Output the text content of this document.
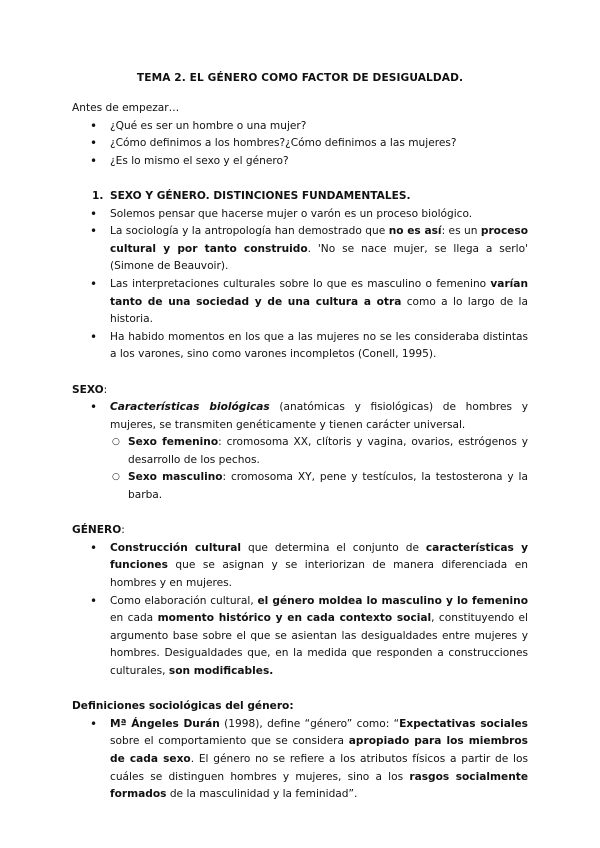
TEMA 2. EL GÉNERO COMO FACTOR DE DESIGUALDAD.

Antes de empezar…

• ¿Qué es ser un hombre o una mujer?
• ¿Cómo definimos a los hombres?¿Cómo definimos a las mujeres?
• ¿Es lo mismo el sexo y el género?
1. SEXO Y GÉNERO. DISTINCIONES FUNDAMENTALES.
• Solemos pensar que hacerse mujer o varón es un proceso biológico.
• La sociología y la antropología han demostrado que no es así: es un proceso cultural y por tanto construido. 'No se nace mujer, se llega a serlo' (Simone de Beauvoir).
• Las interpretaciones culturales sobre lo que es masculino o femenino varían tanto de una sociedad y de una cultura a otra como a lo largo de la historia.
• Ha habido momentos en los que a las mujeres no se les consideraba distintas a los varones, sino como varones incompletos (Conell, 1995).

SEXO:

• Características biológicas (anatómicas y fisiológicas) de hombres y mujeres, se transmiten genéticamente y tienen carácter universal.
○ Sexo femenino: cromosoma XX, clítoris y vagina, ovarios, estrógenos y desarrollo de los pechos.
○ Sexo masculino: cromosoma XY, pene y testículos, la testosterona y la barba.

GÉNERO:

• Construcción cultural que determina el conjunto de características y funciones que se asignan y se interiorizan de manera diferenciada en hombres y en mujeres.
• Como elaboración cultural, el género moldea lo masculino y lo femenino en cada momento histórico y en cada contexto social, constituyendo el argumento base sobre el que se asientan las desigualdades entre mujeres y hombres. Desigualdades que, en la medida que responden a construcciones culturales, son modificables.

Definiciones sociológicas del género:

• Mª Ángeles Durán (1998), define “género” como: “Expectativas sociales sobre el comportamiento que se considera apropiado para los miembros de cada sexo. El género no se refiere a los atributos físicos a partir de los cuáles se distinguen hombres y mujeres, sino a los rasgos socialmente formados de la masculinidad y la feminidad”.
